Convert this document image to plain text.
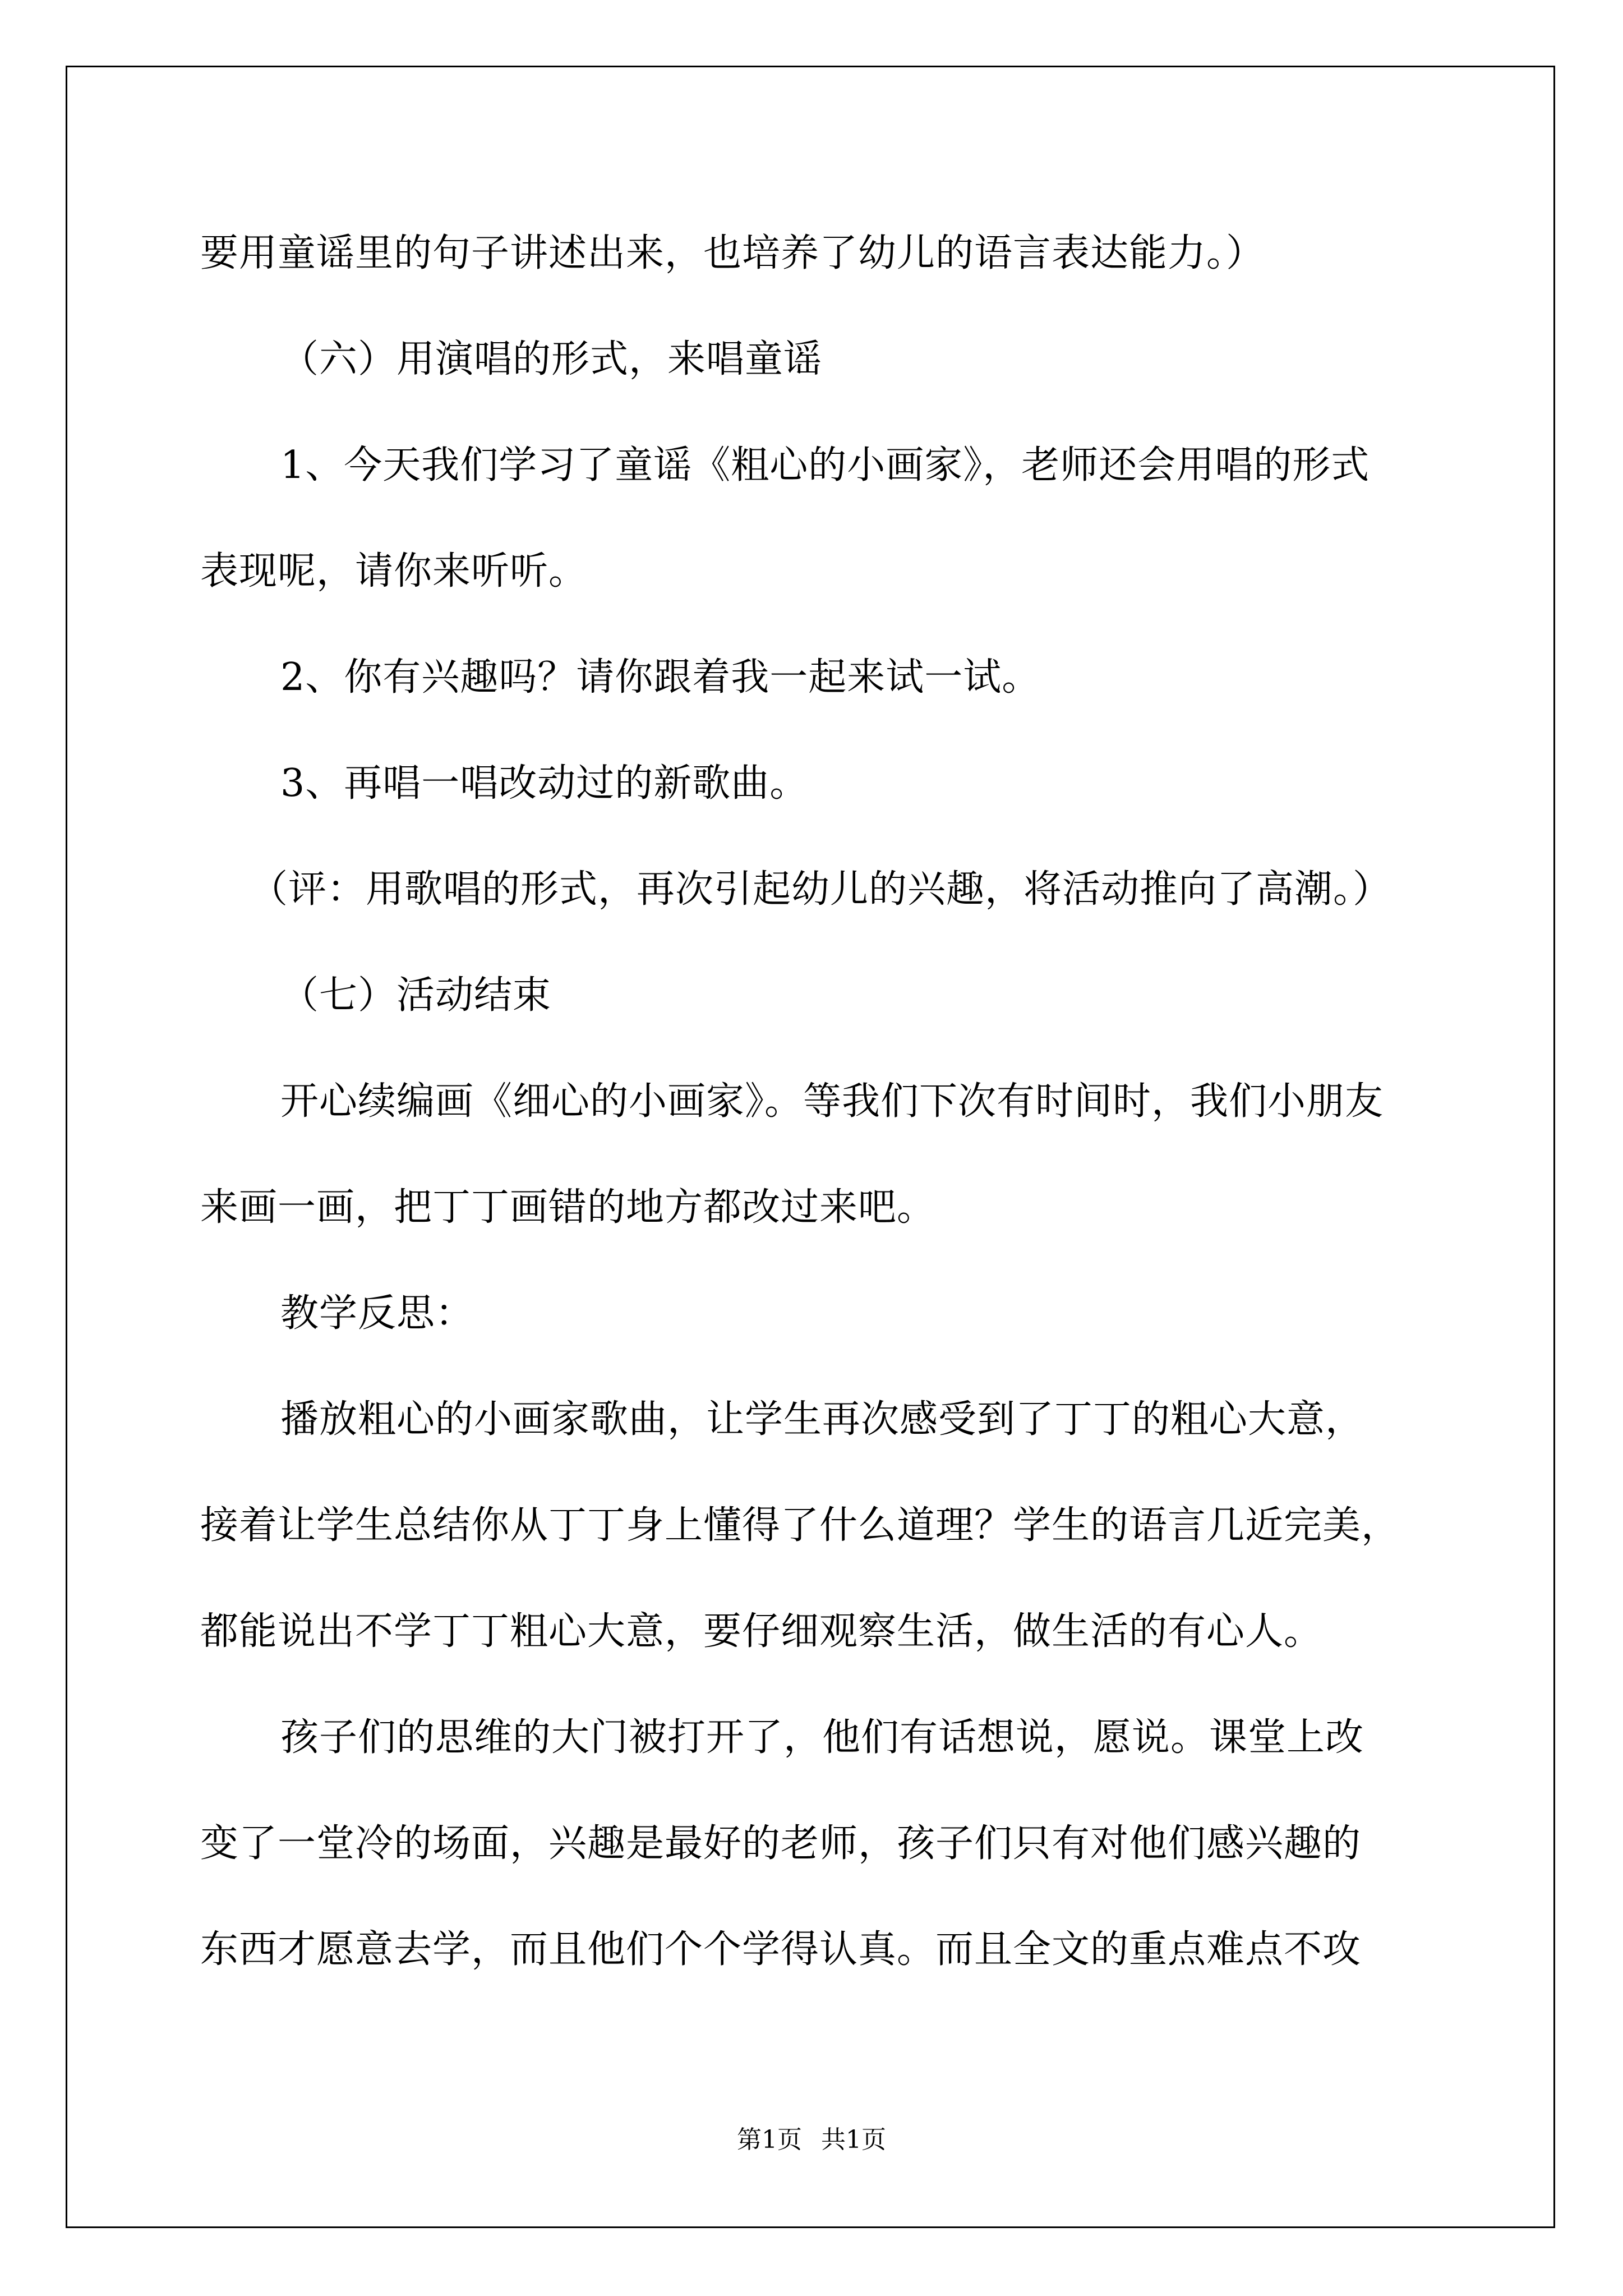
要用童谣里的句子讲述出来，也培养了幼儿的语言表达能力。）
（六）用演唱的形式，来唱童谣
1、今天我们学习了童谣《粗心的小画家》，老师还会用唱的形式
表现呢，请你来听听。
2、你有兴趣吗？请你跟着我一起来试一试。
3、再唱一唱改动过的新歌曲。
（评：用歌唱的形式，再次引起幼儿的兴趣，将活动推向了高潮。）
（七）活动结束
开心续编画《细心的小画家》。等我们下次有时间时，我们小朋友
来画一画，把丁丁画错的地方都改过来吧。
教学反思：
播放粗心的小画家歌曲，让学生再次感受到了丁丁的粗心大意，
接着让学生总结你从丁丁身上懂得了什么道理？学生的语言几近完美，
都能说出不学丁丁粗心大意，要仔细观察生活，做生活的有心人。
孩子们的思维的大门被打开了，他们有话想说，愿说。课堂上改
变了一堂冷的场面，兴趣是最好的老师，孩子们只有对他们感兴趣的
东西才愿意去学，而且他们个个学得认真。而且全文的重点难点不攻
第1页 共1页
